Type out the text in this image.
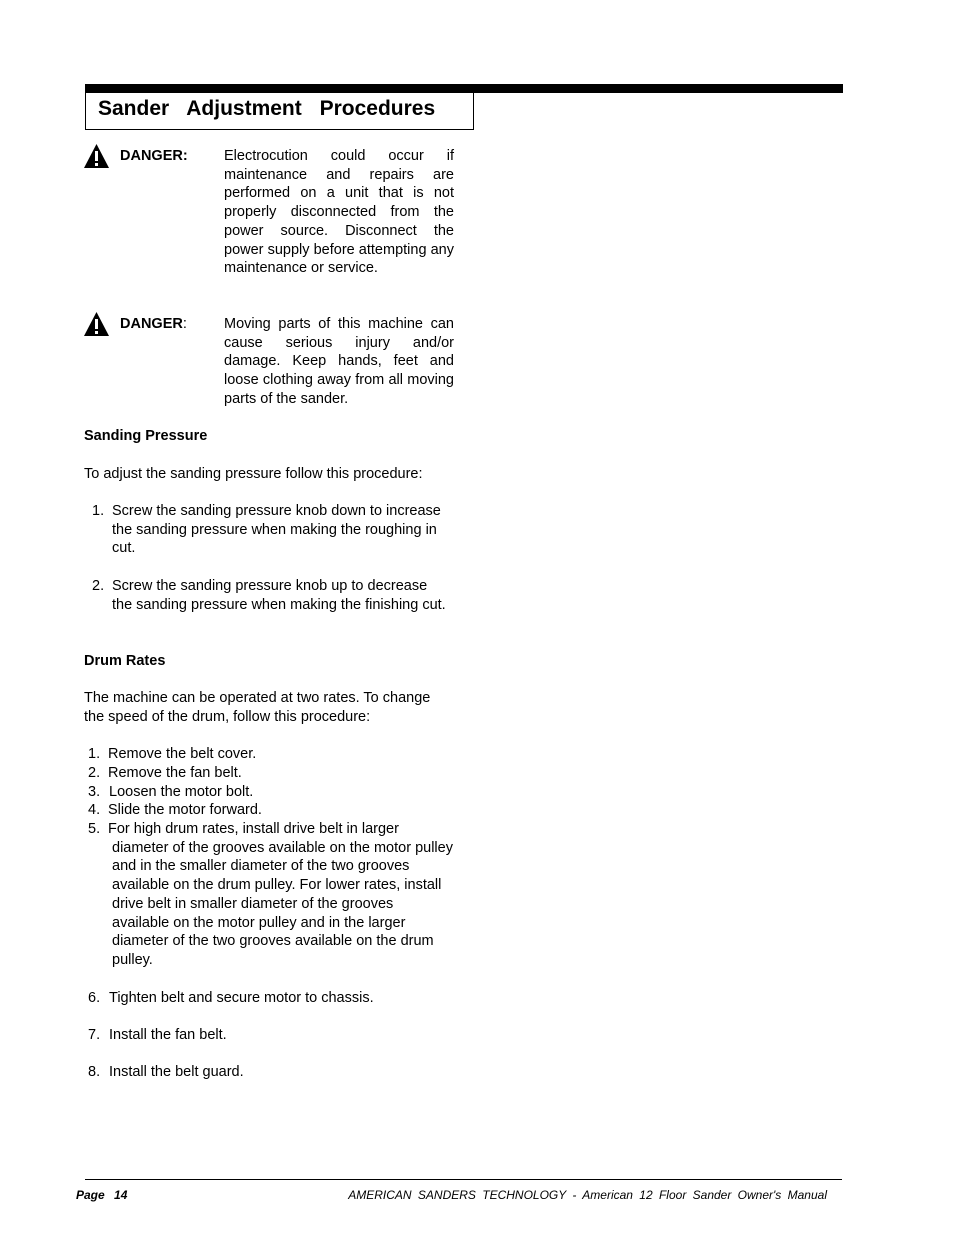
Sander Adjustment Procedures
DANGER:	Electrocution could occur if maintenance and repairs are performed on a unit that is not properly disconnected from the power source. Disconnect the power supply before attempting any maintenance or service.
DANGER:	Moving parts of this machine can cause serious injury and/or damage. Keep hands, feet and loose clothing away from all moving parts of the sander.
Sanding Pressure
To adjust the sanding pressure follow this procedure:
1. Screw the sanding pressure knob down to increase the sanding pressure when making the roughing in cut.
2. Screw the sanding pressure knob up to decrease the sanding pressure when making the finishing cut.
Drum Rates
The machine can be operated at two rates. To change the speed of the drum, follow this procedure:
1. Remove the belt cover.
2. Remove the fan belt.
3. Loosen the motor bolt.
4. Slide the motor forward.
5. For high drum rates, install drive belt in larger diameter of the grooves available on the motor pulley and in the smaller diameter of the two grooves available on the drum pulley. For lower rates, install drive belt in smaller diameter of the grooves available on the motor pulley and in the larger diameter of the two grooves available on the drum pulley.
6. Tighten belt and secure motor to chassis.
7. Install the fan belt.
8. Install the belt guard.
Page 14	AMERICAN SANDERS TECHNOLOGY - American 12 Floor Sander Owner's Manual
